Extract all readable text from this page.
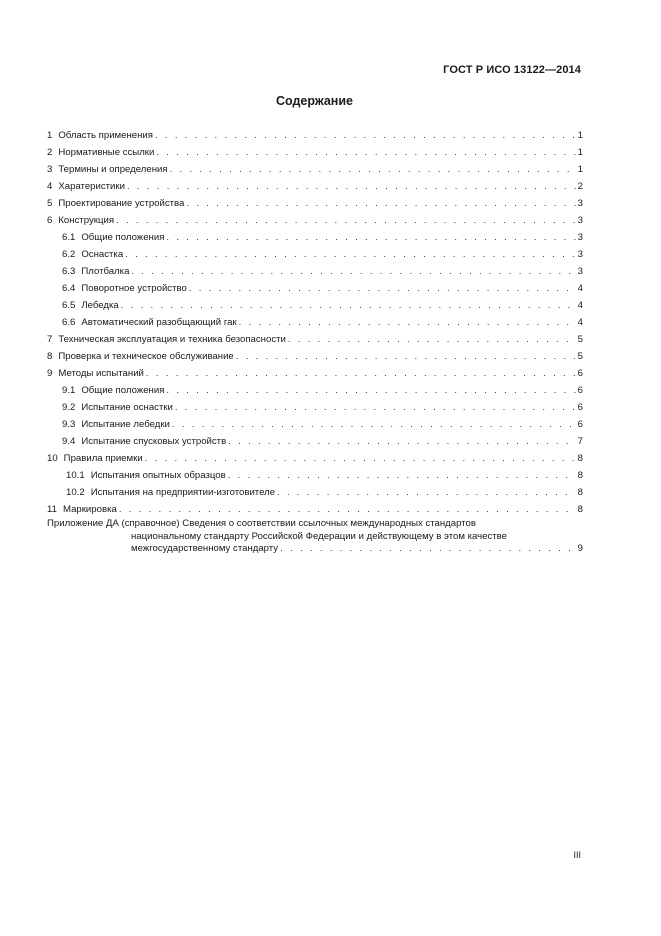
ГОСТ Р ИСО 13122—2014
Содержание
1 Область применения . . .	1
2 Нормативные ссылки . . .	1
3 Термины и определения . . .	1
4 Харатеристики . . .	2
5 Проектирование устройства . . .	3
6 Конструкция . . .	3
6.1 Общие положения . . .	3
6.2 Оснастка . . .	3
6.3 Плотбалка . . .	3
6.4 Поворотное устройство . . .	4
6.5 Лебедка . . .	4
6.6 Автоматический разобщающий гак . . .	4
7 Техническая эксплуатация и техника безопасности . . .	5
8 Проверка и техническое обслуживание . . .	5
9 Методы испытаний . . .	6
9.1 Общие положения . . .	6
9.2 Испытание оснастки . . .	6
9.3 Испытание лебедки . . .	6
9.4 Испытание спусковых устройств . . .	7
10 Правила приемки . . .	8
10.1 Испытания опытных образцов . . .	8
10.2 Испытания на предприятии-изготовителе . . .	8
11 Маркировка . . .	8
Приложение ДА (справочное) Сведения о соответствии ссылочных международных стандартов
национальному стандарту Российской Федерации и действующему в этом качестве
межгосударственному стандарту . . .	9
III
